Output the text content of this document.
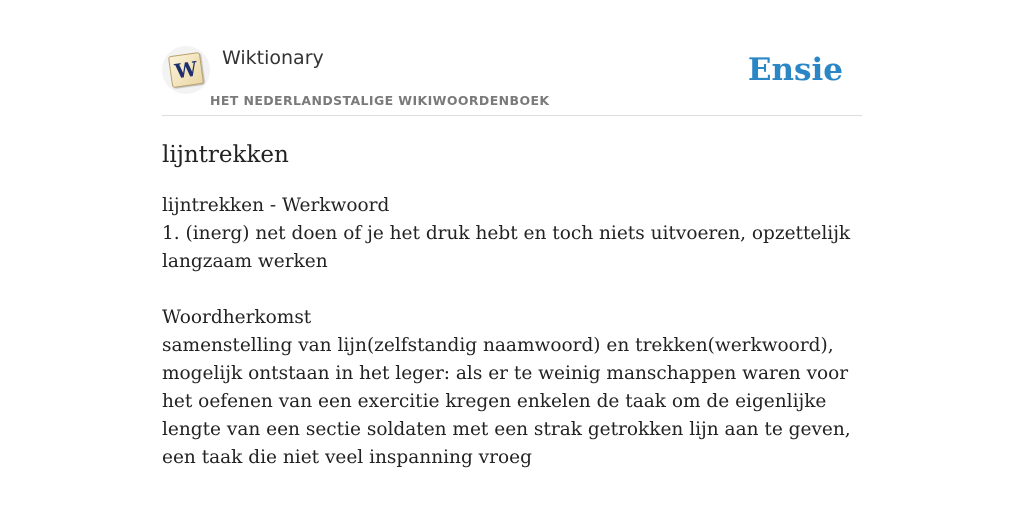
W Wiktionary
HET NEDERLANDSTALIGE WIKIWOORDENBOEK
Ensie
lijntrekken

lijntrekken - Werkwoord

1. (inerg) net doen of je het druk hebt en toch niets uitvoeren, opzettelijk langzaam werken

Woordherkomst

samenstelling van lijn(zelfstandig naamwoord) en trekken(werkwoord), mogelijk ontstaan in het leger: als er te weinig manschappen waren voor het oefenen van een exercitie kregen enkelen de taak om de eigenlijke lengte van een sectie soldaten met een strak getrokken lijn aan te geven, een taak die niet veel inspanning vroeg
